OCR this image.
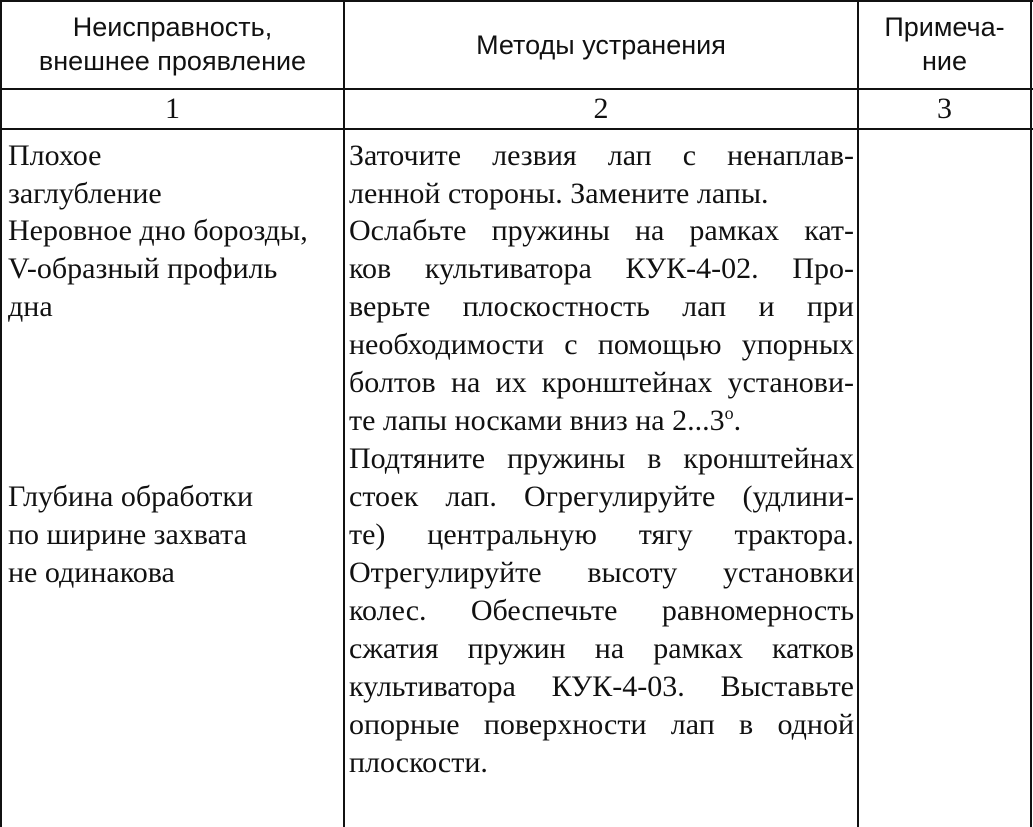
Неисправность,
внешнее проявление
Методы устранения
Примеча-
ние
1	2	3
Плохое
заглубление
Неровное дно борозды,
V-образный профиль
дна
Глубина обработки
по ширине захвата
не одинакова
Заточите лезвия лап с ненаплав-
ленной стороны. Замените лапы.
Ослабьте пружины на рамках кат-
ков культиватора КУК-4-02. Про-
верьте плоскостность лап и при
необходимости с помощью упорных
болтов на их кронштейнах установи-
те лапы носками вниз на $2...3^о$.
Подтяните пружины в кронштейнах
стоек лап. Огрегулируйте (удлини-
те) центральную тягу трактора.
Отрегулируйте высоту установки
колес. Обеспечьте равномерность
сжатия пружин на рамках катков
культиватора КУК-4-03. Выставьте
опорные поверхности лап в одной
плоскости.
